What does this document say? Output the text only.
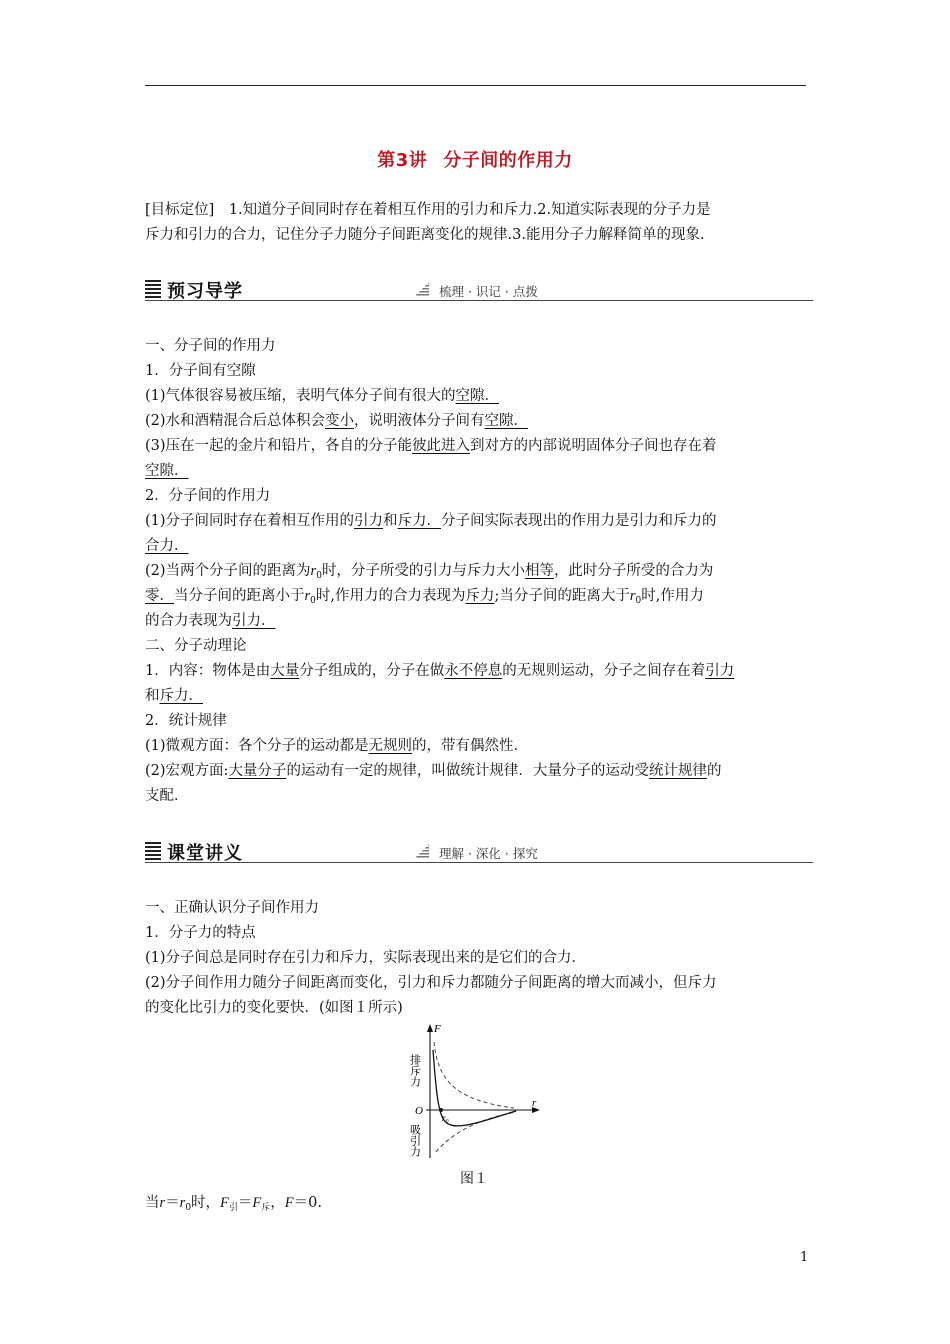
第3讲 分子间的作用力
[目标定位]　1.知道分子间同时存在着相互作用的引力和斥力.2.知道实际表现的分子力是
斥力和引力的合力，记住分子力随分子间距离变化的规律.3.能用分子力解释简单的现象.
预习导学	梳理 · 识记 · 点拨
一、分子间的作用力
1．分子间有空隙
(1)气体很容易被压缩，表明气体分子间有很大的空隙．
(2)水和酒精混合后总体积会变小，说明液体分子间有空隙．
(3)压在一起的金片和铅片，各自的分子能彼此进入到对方的内部说明固体分子间也存在着
空隙．
2．分子间的作用力
(1)分子间同时存在着相互作用的引力和斥力．分子间实际表现出的作用力是引力和斥力的
合力．
(2)当两个分子间的距离为$r_0$时，分子所受的引力与斥力大小相等，此时分子所受的合力为
零．当分子间的距离小于$r_0$时,作用力的合力表现为斥力;当分子间的距离大于$r_0$时,作用力
的合力表现为引力．
二、分子动理论
1．内容：物体是由大量分子组成的，分子在做永不停息的无规则运动，分子之间存在着引力
和斥力．
2．统计规律
(1)微观方面：各个分子的运动都是无规则的，带有偶然性．
(2)宏观方面:大量分子的运动有一定的规律，叫做统计规律．大量分子的运动受统计规律的
支配．
课堂讲义	理解 · 深化 · 探究
一、正确认识分子间作用力
1．分子力的特点
(1)分子间总是同时存在引力和斥力，实际表现出来的是它们的合力．
(2)分子间作用力随分子间距离而变化，引力和斥力都随分子间距离的增大而减小，但斥力
的变化比引力的变化要快．(如图１所示)
F
r
O
$r_0$
排斥力
吸引力
图１
当$r=r_0$时，$F_引=F_斥$，F＝0.
1
